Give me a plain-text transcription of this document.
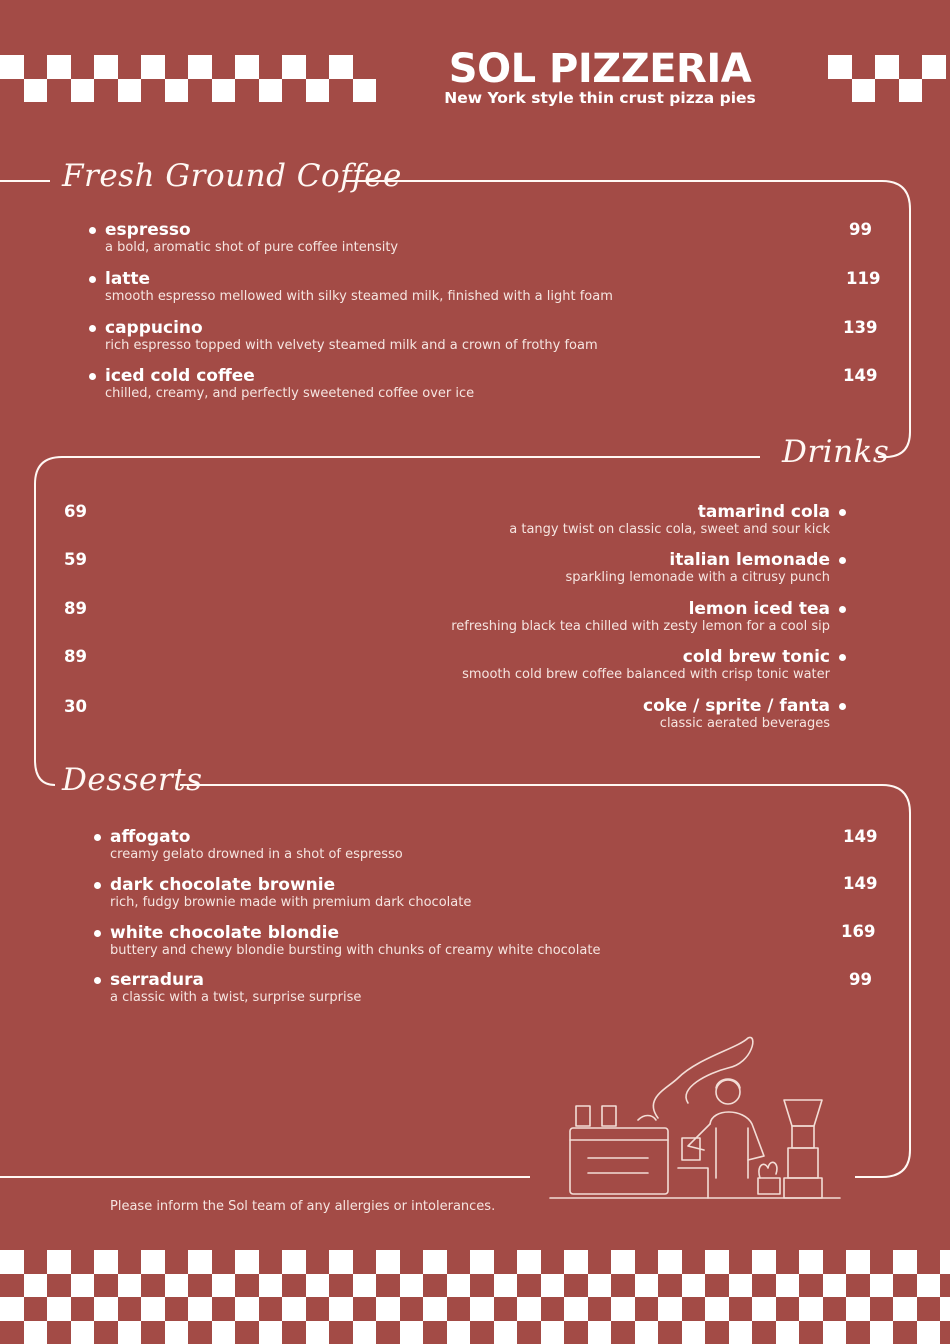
SOL PIZZERIA
New York style thin crust pizza pies
Fresh Ground Coffee
Drinks
Desserts
espresso
a bold, aromatic shot of pure coffee intensity
99
latte
smooth espresso mellowed with silky steamed milk, finished with a light foam
119
cappucino
rich espresso topped with velvety steamed milk and a crown of frothy foam
139
iced cold coffee
chilled, creamy, and perfectly sweetened coffee over ice
149
69	tamarind cola
a tangy twist on classic cola, sweet and sour kick
59	italian lemonade
sparkling lemonade with a citrusy punch
89	lemon iced tea
refreshing black tea chilled with zesty lemon for a cool sip
89	cold brew tonic
smooth cold brew coffee balanced with crisp tonic water
30	coke / sprite / fanta
classic aerated beverages
affogato
creamy gelato drowned in a shot of espresso
149
dark chocolate brownie
rich, fudgy brownie made with premium dark chocolate
149
white chocolate blondie
buttery and chewy blondie bursting with chunks of creamy white chocolate
169
serradura
a classic with a twist, surprise surprise
99
Please inform the Sol team of any allergies or intolerances.
